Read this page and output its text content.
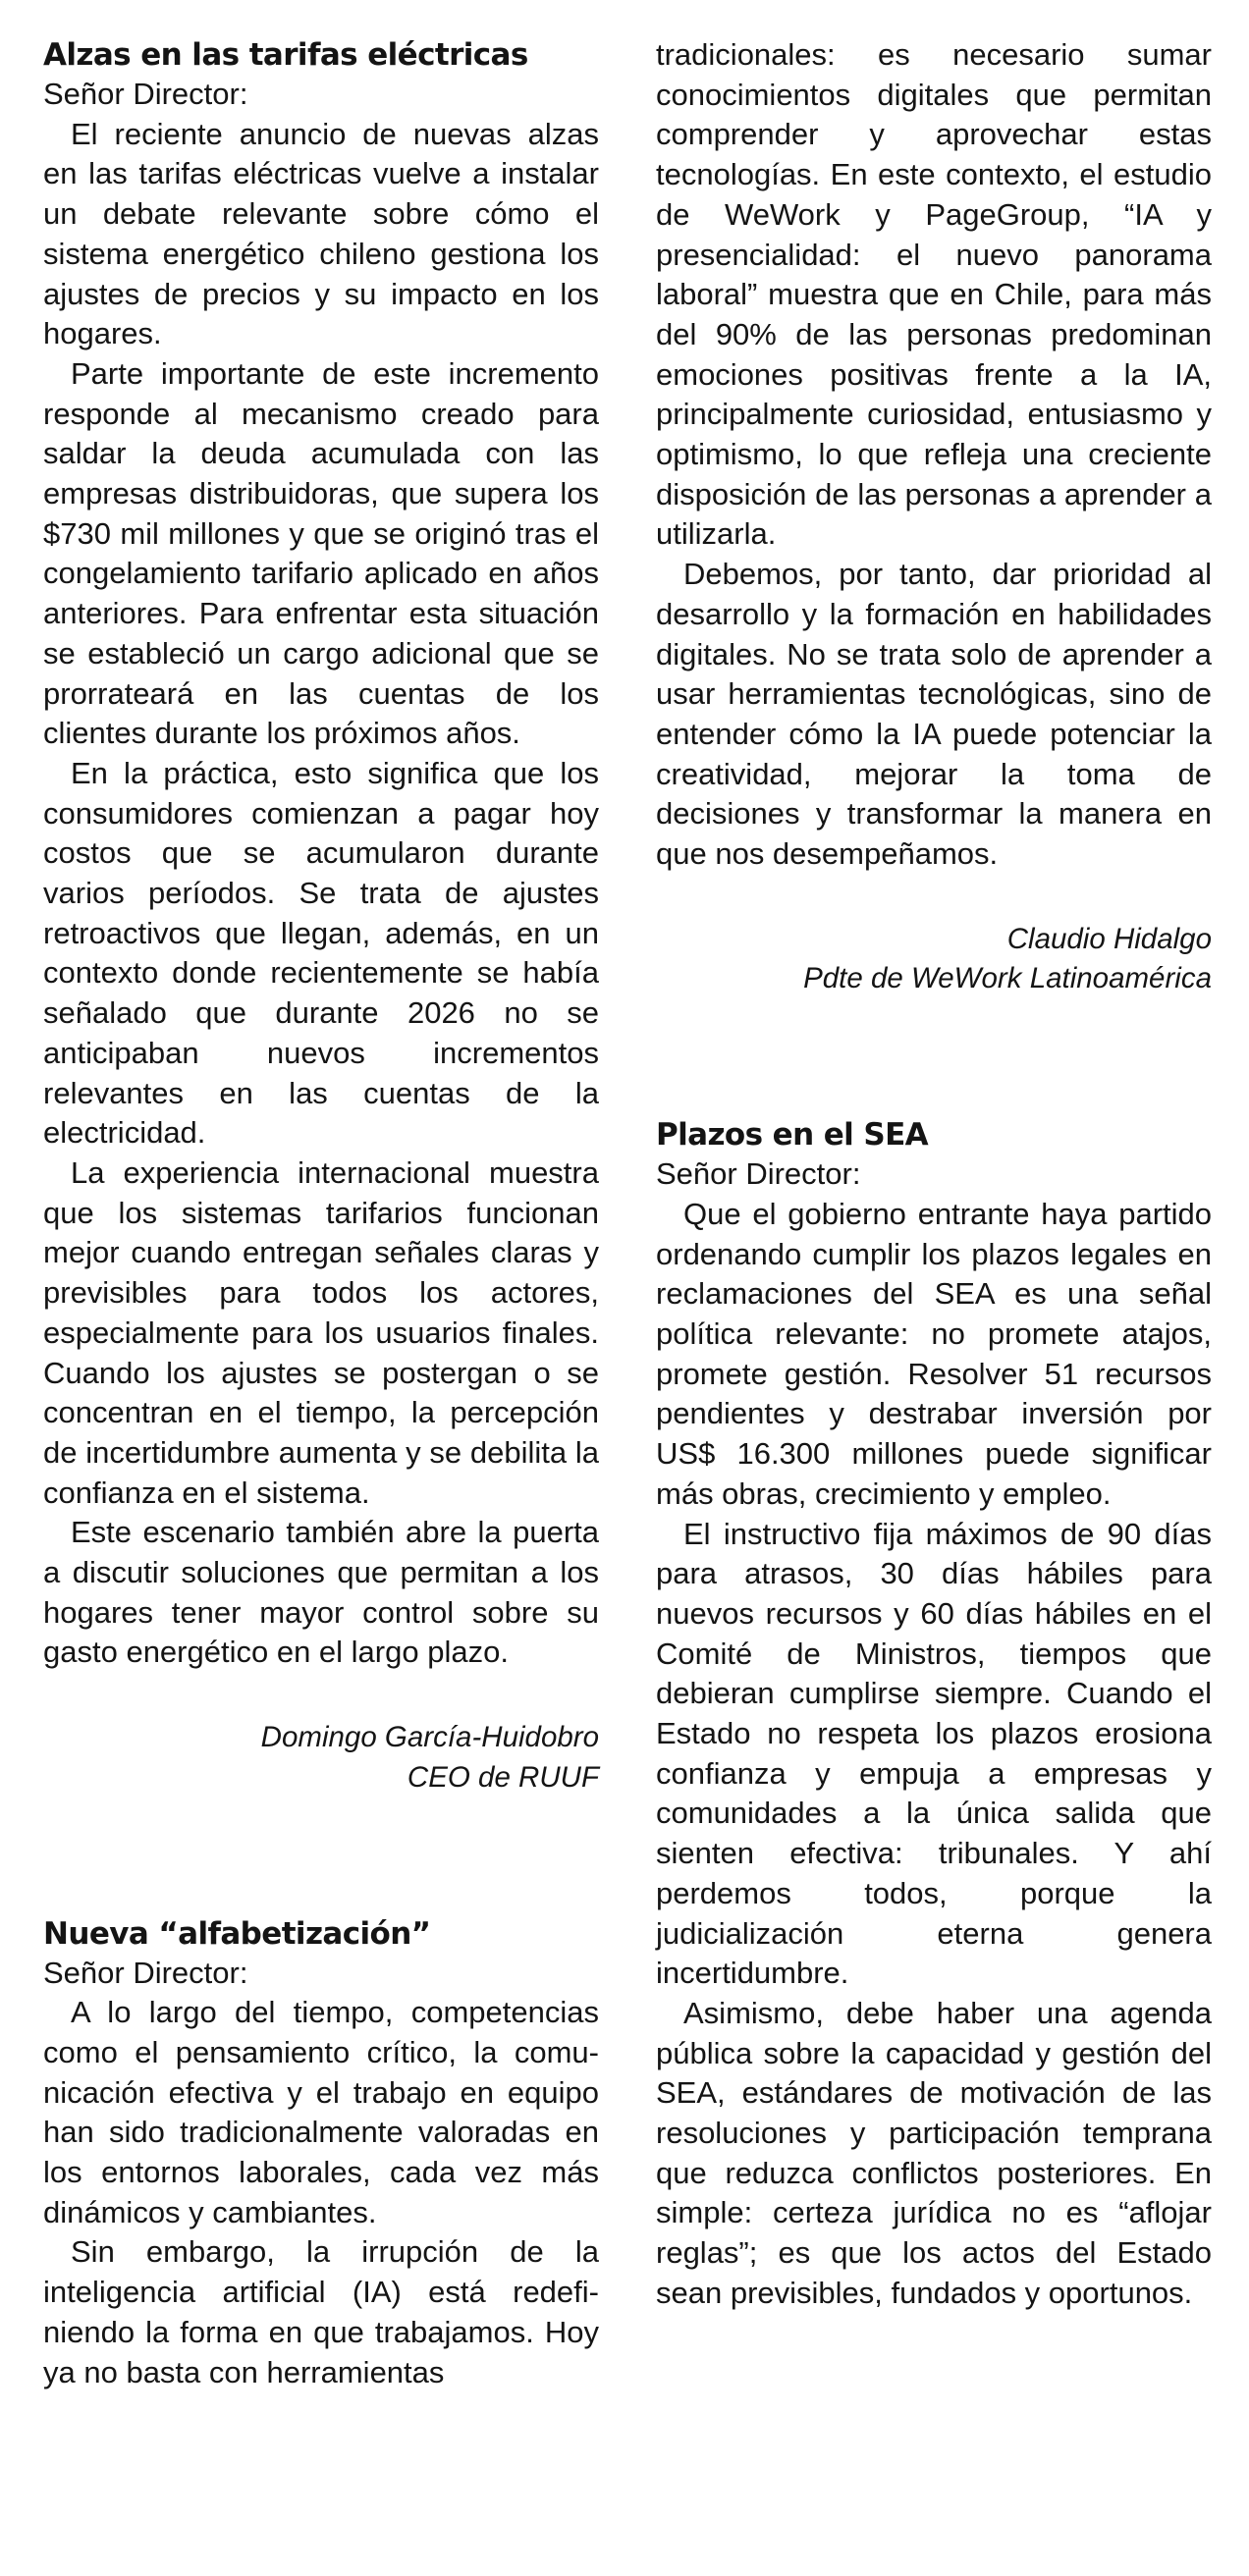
Alzas en las tarifas eléctricas

Señor Director:

El reciente anuncio de nuevas alzas en las tarifas eléctricas vuelve a instalar un debate relevante sobre cómo el sistema energético chileno gestiona los ajustes de precios y su impacto en los hogares.

Parte importante de este incremento responde al mecanismo creado para saldar la deuda acumulada con las empresas distribuidoras, que supera los $730 mil millones y que se originó tras el congelamiento tarifario aplicado en años anteriores. Para enfrentar esta situación se estableció un cargo adicional que se prorrateará en las cuentas de los clientes durante los próximos años.

En la práctica, esto significa que los consumidores comienzan a pagar hoy costos que se acumularon durante varios períodos. Se trata de ajustes retroactivos que llegan, además, en un contexto donde recientemente se había señalado que durante 2026 no se anticipaban nuevos incrementos relevantes en las cuentas de la electricidad.

La experiencia internacional muestra que los sistemas tarifarios funcionan mejor cuando entregan señales claras y previsibles para todos los actores, especialmente para los usuarios finales. Cuando los ajustes se postergan o se concentran en el tiempo, la percepción de incertidumbre aumenta y se debilita la confianza en el sistema.

Este escenario también abre la puerta a discutir soluciones que permitan a los hogares tener mayor control sobre su gasto energético en el largo plazo.

Domingo García-Huidobro

CEO de RUUF

Nueva “alfabetización”

Señor Director:

A lo largo del tiempo, competencias como el pensamiento crítico, la comunicación efectiva y el trabajo en equipo han sido tradicionalmente valoradas en los entornos laborales, cada vez más dinámicos y cambiantes.

Sin embargo, la irrupción de la inteligencia artificial (IA) está redefiniendo la forma en que trabajamos. Hoy ya no basta con herramientas

tradicionales: es necesario sumar conocimientos digitales que permitan comprender y aprovechar estas tecnologías. En este contexto, el estudio de WeWork y PageGroup, “IA y presencialidad: el nuevo panorama laboral” muestra que en Chile, para más del 90% de las personas predominan emociones positivas frente a la IA, principalmente curiosidad, entusiasmo y optimismo, lo que refleja una creciente disposición de las personas a aprender a utilizarla.

Debemos, por tanto, dar prioridad al desarrollo y la formación en habilidades digitales. No se trata solo de aprender a usar herramientas tecnológicas, sino de entender cómo la IA puede potenciar la creatividad, mejorar la toma de decisiones y transformar la manera en que nos desempeñamos.

Claudio Hidalgo

Pdte de WeWork Latinoamérica

Plazos en el SEA

Señor Director:

Que el gobierno entrante haya partido ordenando cumplir los plazos legales en reclamaciones del SEA es una señal política relevante: no promete atajos, promete gestión. Resolver 51 recursos pendientes y destrabar inversión por US$ 16.300 millones puede significar más obras, crecimiento y empleo.

El instructivo fija máximos de 90 días para atrasos, 30 días hábiles para nuevos recursos y 60 días hábiles en el Comité de Ministros, tiempos que debieran cumplirse siempre. Cuando el Estado no respeta los plazos erosiona confianza y empuja a empresas y comunidades a la única salida que sienten efectiva: tribunales. Y ahí perdemos todos, porque la judicialización eterna genera incertidumbre.

Asimismo, debe haber una agenda pública sobre la capacidad y gestión del SEA, estándares de motivación de las resoluciones y participación temprana que reduzca conflictos posteriores. En simple: certeza jurídica no es “aflojar reglas”; es que los actos del Estado sean previsibles, fundados y oportunos.
